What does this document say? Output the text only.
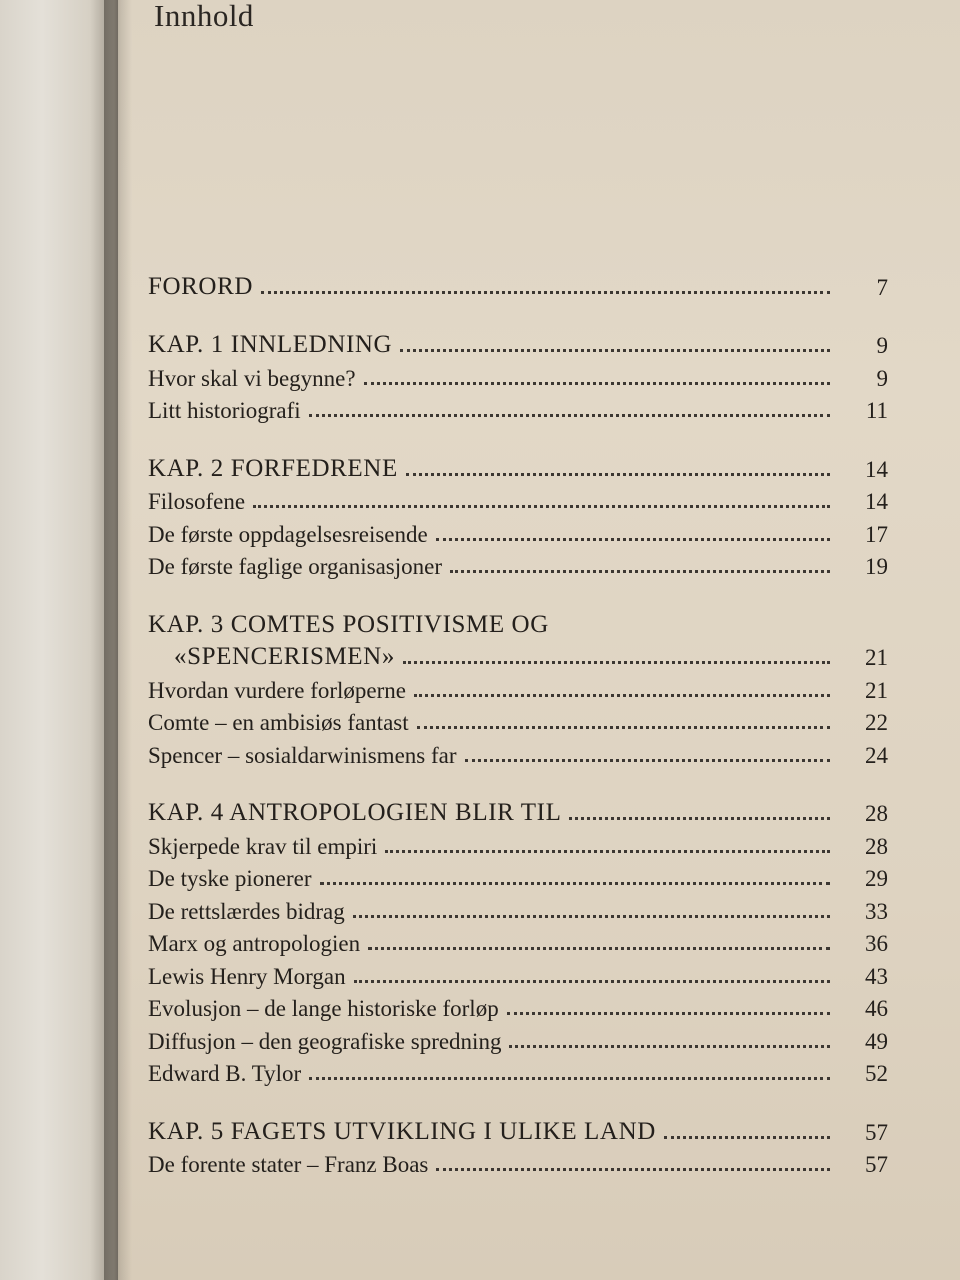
Innhold
FORORD	7
KAP. 1 INNLEDNING	9
Hvor skal vi begynne?	9
Litt historiografi	11
KAP. 2 FORFEDRENE	14
Filosofene	14
De første oppdagelsesreisende	17
De første faglige organisasjoner	19
KAP. 3 COMTES POSITIVISME OG
«SPENCERISMEN»	21
Hvordan vurdere forløperne	21
Comte – en ambisiøs fantast	22
Spencer – sosialdarwinismens far	24
KAP. 4 ANTROPOLOGIEN BLIR TIL	28
Skjerpede krav til empiri	28
De tyske pionerer	29
De rettslærdes bidrag	33
Marx og antropologien	36
Lewis Henry Morgan	43
Evolusjon – de lange historiske forløp	46
Diffusjon – den geografiske spredning	49
Edward B. Tylor	52
KAP. 5 FAGETS UTVIKLING I ULIKE LAND	57
De forente stater – Franz Boas	57
